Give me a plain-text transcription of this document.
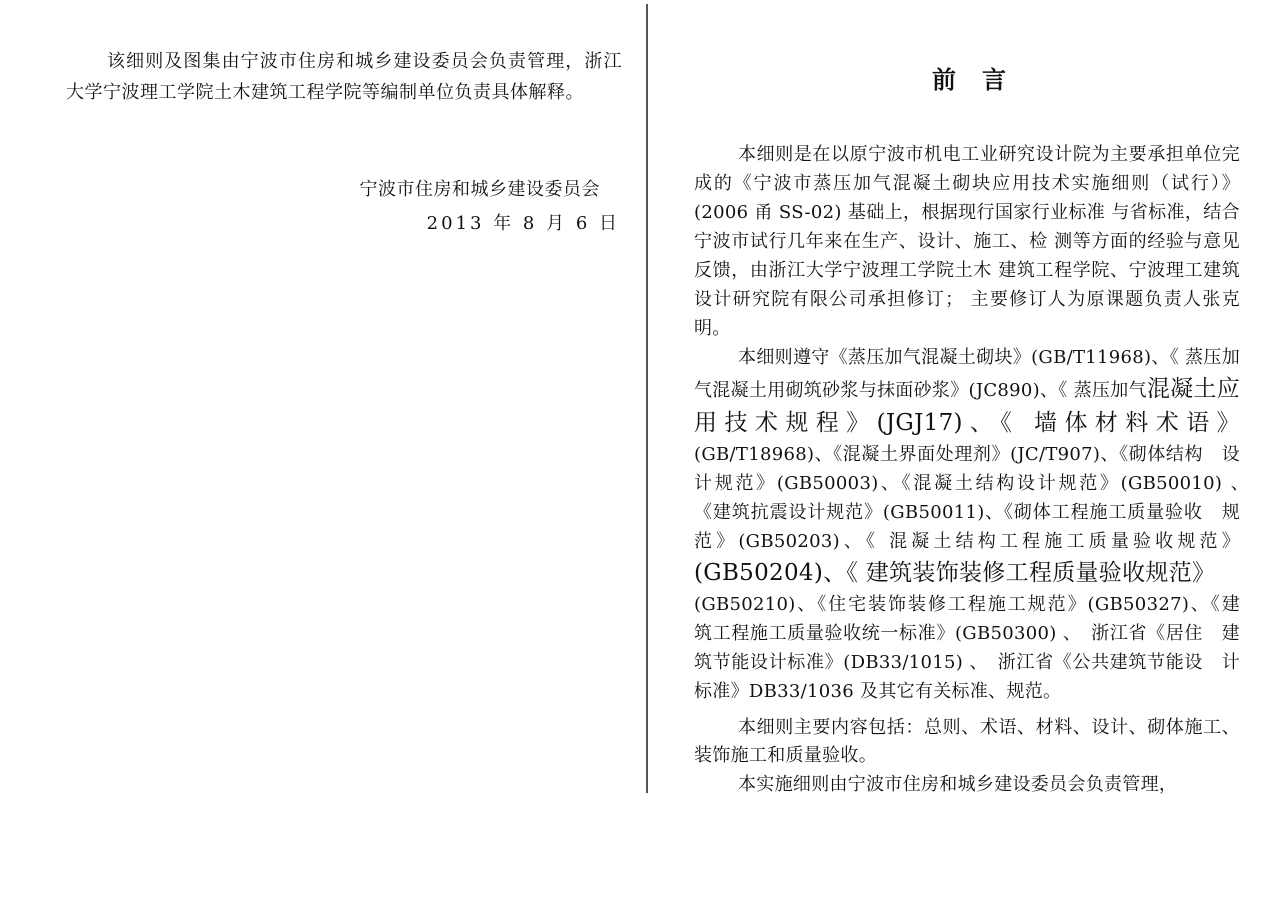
该细则及图集由宁波市住房和城乡建设委员会负责管理，浙江大学宁波理工学院土木建筑工程学院等编制单位负责具体解释。

宁波市住房和城乡建设委员会
2013 年 8 月 6 日
前言

本细则是在以原宁波市机电工业研究设计院为主要承担单位完成的《宁波市蒸压加气混凝土砌块应用技术实施细则（试行）》(2006 甬 SS-02) 基础上，根据现行国家行业标准 与省标准，结合宁波市试行几年来在生产、设计、施工、检 测等方面的经验与意见反馈，由浙江大学宁波理工学院土木 建筑工程学院、宁波理工建筑设计研究院有限公司承担修订； 主要修订人为原课题负责人张克明。

本细则遵守《蒸压加气混凝土砌块》(GB/T11968)、《 蒸压加气混凝土用砌筑砂浆与抹面砂浆》(JC890)、《 蒸压加气混凝土应用技术规程》(JGJ17)、《 墙体材料术语》 (GB/T18968)、《混凝土界面处理剂》(JC/T907)、《砌体结构　设计规范》(GB50003)、《混凝土结构设计规范》(GB50010) 、　《建筑抗震设计规范》(GB50011)、《砌体工程施工质量验收　规范》(GB50203)、《 混凝土结构工程施工质量验收规范》(GB50204)、《 建筑装饰装修工程质量验收规范》　　(GB50210)、《住宅装饰装修工程施工规范》(GB50327)、《建　筑工程施工质量验收统一标准》(GB50300) 、　浙江省《居住　建筑节能设计标准》(DB33/1015) 、　浙江省《公共建筑节能设　计标准》DB33/1036 及其它有关标准、规范。

本细则主要内容包括：总则、术语、材料、设计、砌体施工、装饰施工和质量验收。

本实施细则由宁波市住房和城乡建设委员会负责管理，
